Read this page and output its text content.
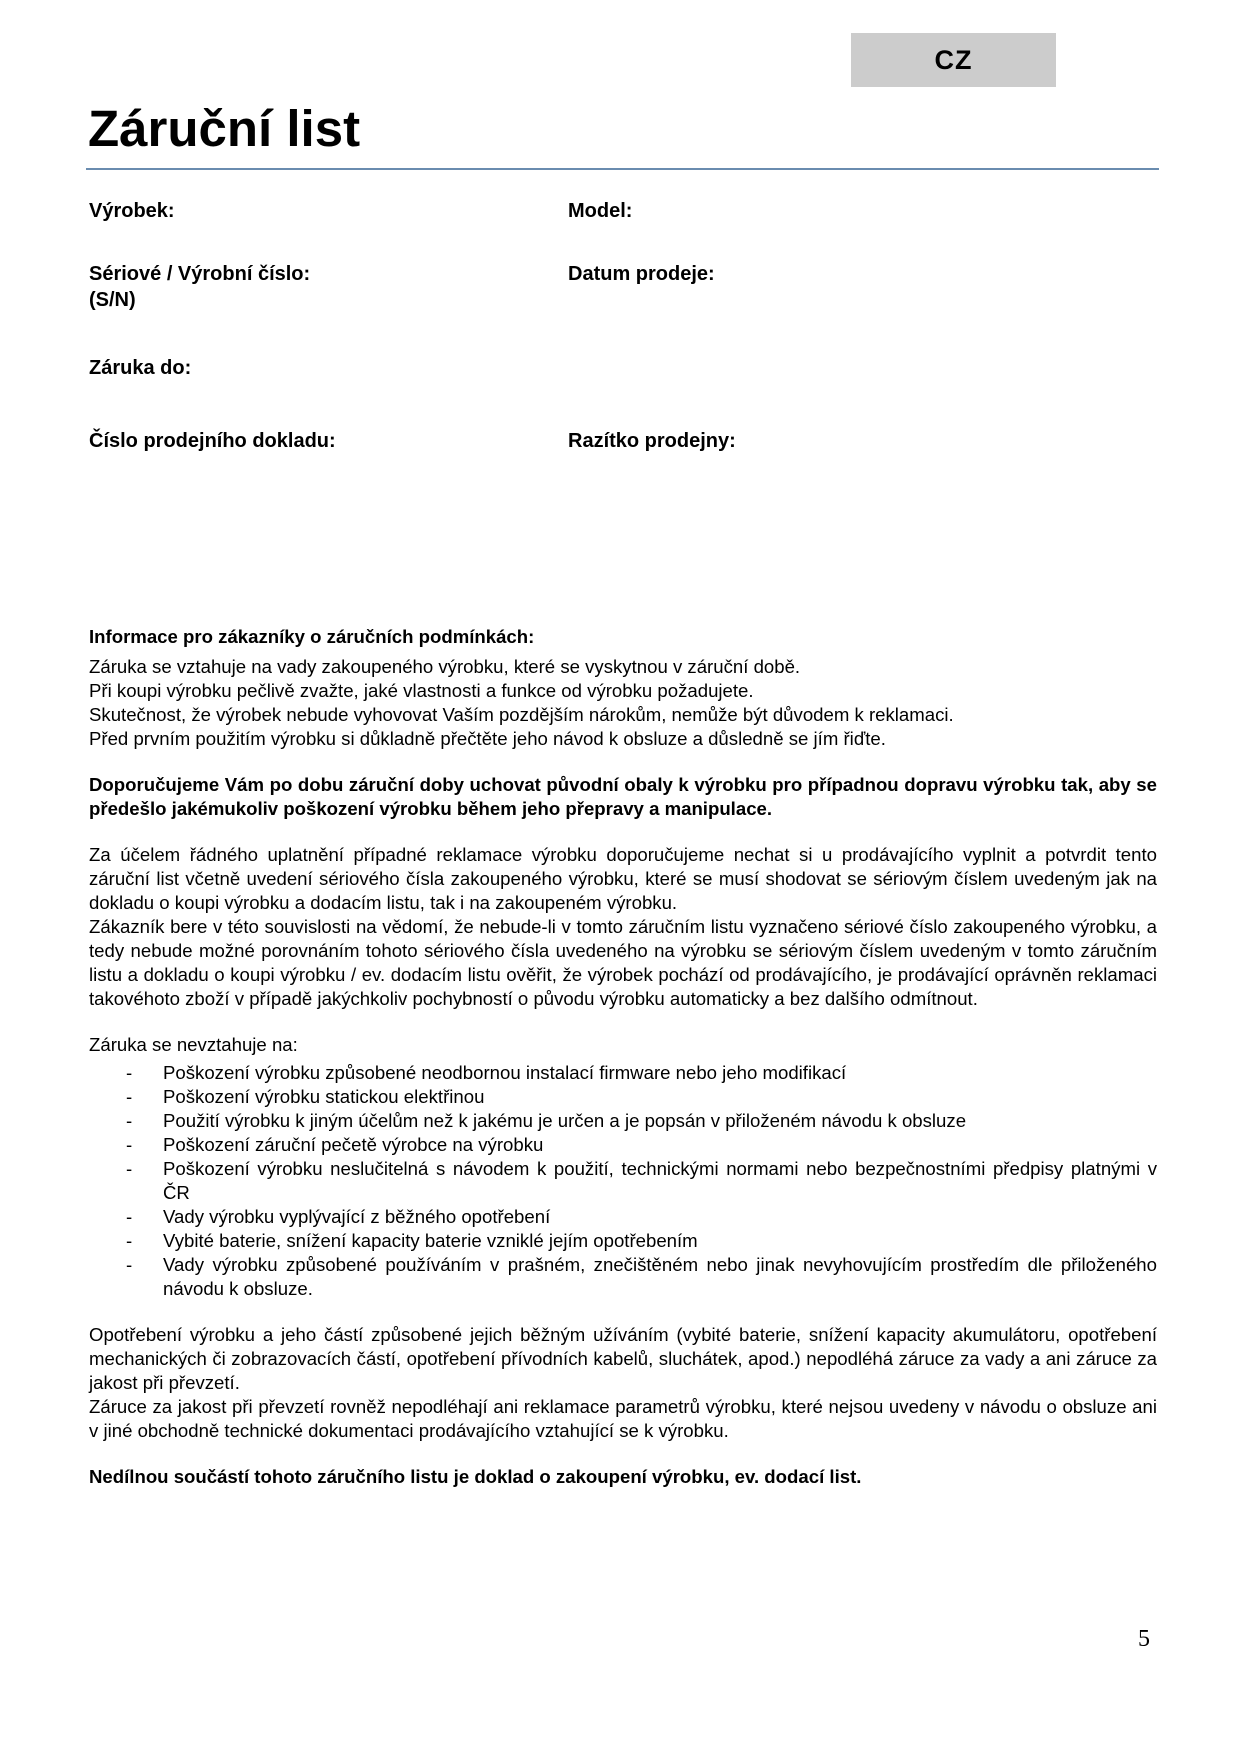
CZ
Záruční list
Výrobek:	Model:
Sériové / Výrobní číslo:
(S/N)
Datum prodeje:
Záruka do:
Číslo prodejního dokladu:	Razítko prodejny:

Informace pro zákazníky o záručních podmínkách:

Záruka se vztahuje na vady zakoupeného výrobku, které se vyskytnou v záruční době.

Při koupi výrobku pečlivě zvažte, jaké vlastnosti a funkce od výrobku požadujete.

Skutečnost, že výrobek nebude vyhovovat Vaším pozdějším nárokům, nemůže být důvodem k reklamaci.

Před prvním použitím výrobku si důkladně přečtěte jeho návod k obsluze a důsledně se jím řiďte.

Doporučujeme Vám po dobu záruční doby uchovat původní obaly k výrobku pro případnou dopravu výrobku tak, aby se předešlo jakémukoliv poškození výrobku během jeho přepravy a manipulace.

Za účelem řádného uplatnění případné reklamace výrobku doporučujeme nechat si u prodávajícího vyplnit a potvrdit tento záruční list včetně uvedení sériového čísla zakoupeného výrobku, které se musí shodovat se sériovým číslem uvedeným jak na dokladu o koupi výrobku a dodacím listu, tak i na zakoupeném výrobku.

Zákazník bere v této souvislosti na vědomí, že nebude-li v tomto záručním listu vyznačeno sériové číslo zakoupeného výrobku, a tedy nebude možné porovnáním tohoto sériového čísla uvedeného na výrobku se sériovým číslem uvedeným v tomto záručním listu a dokladu o koupi výrobku / ev. dodacím listu ověřit, že výrobek pochází od prodávajícího, je prodávající oprávněn reklamaci takovéhoto zboží v případě jakýchkoliv pochybností o původu výrobku automaticky a bez dalšího odmítnout.

Záruka se nevztahuje na:

- Poškození výrobku způsobené neodbornou instalací firmware nebo jeho modifikací
- Poškození výrobku statickou elektřinou
- Použití výrobku k jiným účelům než k jakému je určen a je popsán v přiloženém návodu k obsluze
- Poškození záruční pečetě výrobce na výrobku
- Poškození výrobku neslučitelná s návodem k použití, technickými normami nebo bezpečnostními předpisy platnými v ČR
- Vady výrobku vyplývající z běžného opotřebení
- Vybité baterie, snížení kapacity baterie vzniklé jejím opotřebením
- Vady výrobku způsobené používáním v prašném, znečištěném nebo jinak nevyhovujícím prostředím dle přiloženého návodu k obsluze.

Opotřebení výrobku a jeho částí způsobené jejich běžným užíváním (vybité baterie, snížení kapacity akumulátoru, opotřebení mechanických či zobrazovacích částí, opotřebení přívodních kabelů, sluchátek, apod.) nepodléhá záruce za vady a ani záruce za jakost při převzetí.

Záruce za jakost při převzetí rovněž nepodléhají ani reklamace parametrů výrobku, které nejsou uvedeny v návodu o obsluze ani v jiné obchodně technické dokumentaci prodávajícího vztahující se k výrobku.

Nedílnou součástí tohoto záručního listu je doklad o zakoupení výrobku, ev. dodací list.

5
